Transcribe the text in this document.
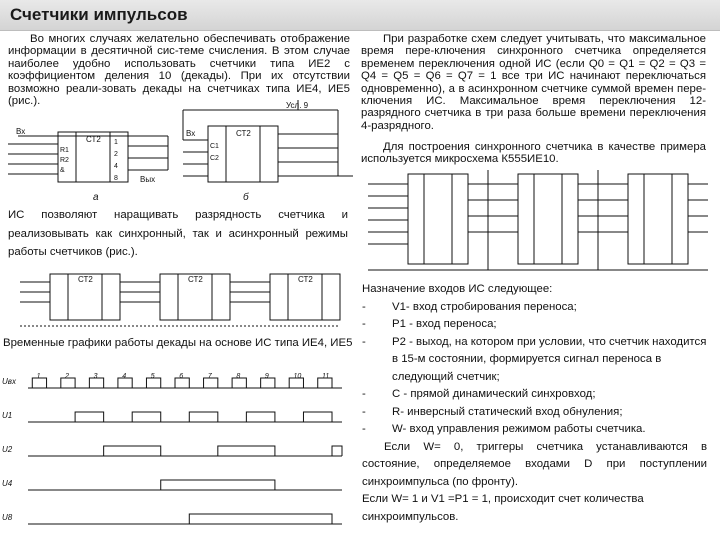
Счетчики импульсов
Во многих случаях желательно обеспечивать отображение информации в десятичной сис-теме счисления. В этом случае наиболее удобно использовать счетчики типа ИЕ2 с коэффициентом деления 10 (декады). При их отсутствии возможно реали-зовать декады на счетчиках типа ИЕ4, ИЕ5 (рис.).
ИС позволяют наращивать разрядность счетчика и реализовывать как синхронный, так и асинхронный режимы работы счетчиков (рис.).
Временные графики работы декады на основе ИС типа ИЕ4, ИЕ5
При разработке схем следует учитывать, что максимальное время пере-ключения синхронного счетчика определяется временем переключения одной ИС (если Q0 = Q1 = Q2 = Q3 = Q4 = Q5 = Q6 = Q7 = 1 все три ИС начинают переключаться одновременно), а в асинхронном счетчике суммой времен пере-ключения ИС. Максимальное время переключения 12-разрядного счетчика в три раза больше времени переключения 4-разрядного.
Для построения синхронного счетчика в качестве примера используется микросхема К555ИЕ10.
Назначение входов ИС следующее:
- V1- вход стробирования переноса;
- P1 - вход переноса;
- P2 - выход, на котором при условии, что счетчик находится в 15-м состоянии, формируется сигнал переноса в следующий счетчик;
- С - прямой динамический синхровход;
- R- инверсный статический вход обнуления;
- W- вход управления режимом работы счетчика.
Если W= 0, триггеры счетчика устанавливаются в состояние, определяемое входами D при поступлении синхроимпульса (по фронту).
Если W= 1 и V1 =P1 = 1, происходит счет количества синхроимпульсов.
СТ2
СТ2
Вх	Вх
Вых
Усл. 9
R1
R2
&
C1
C2
1
2
4
8
а	б
СТ2	СТ2	СТ2
Uвх
U1
U2
U4
U8
1	2	3	4	5	6	7	8	9	10	11
